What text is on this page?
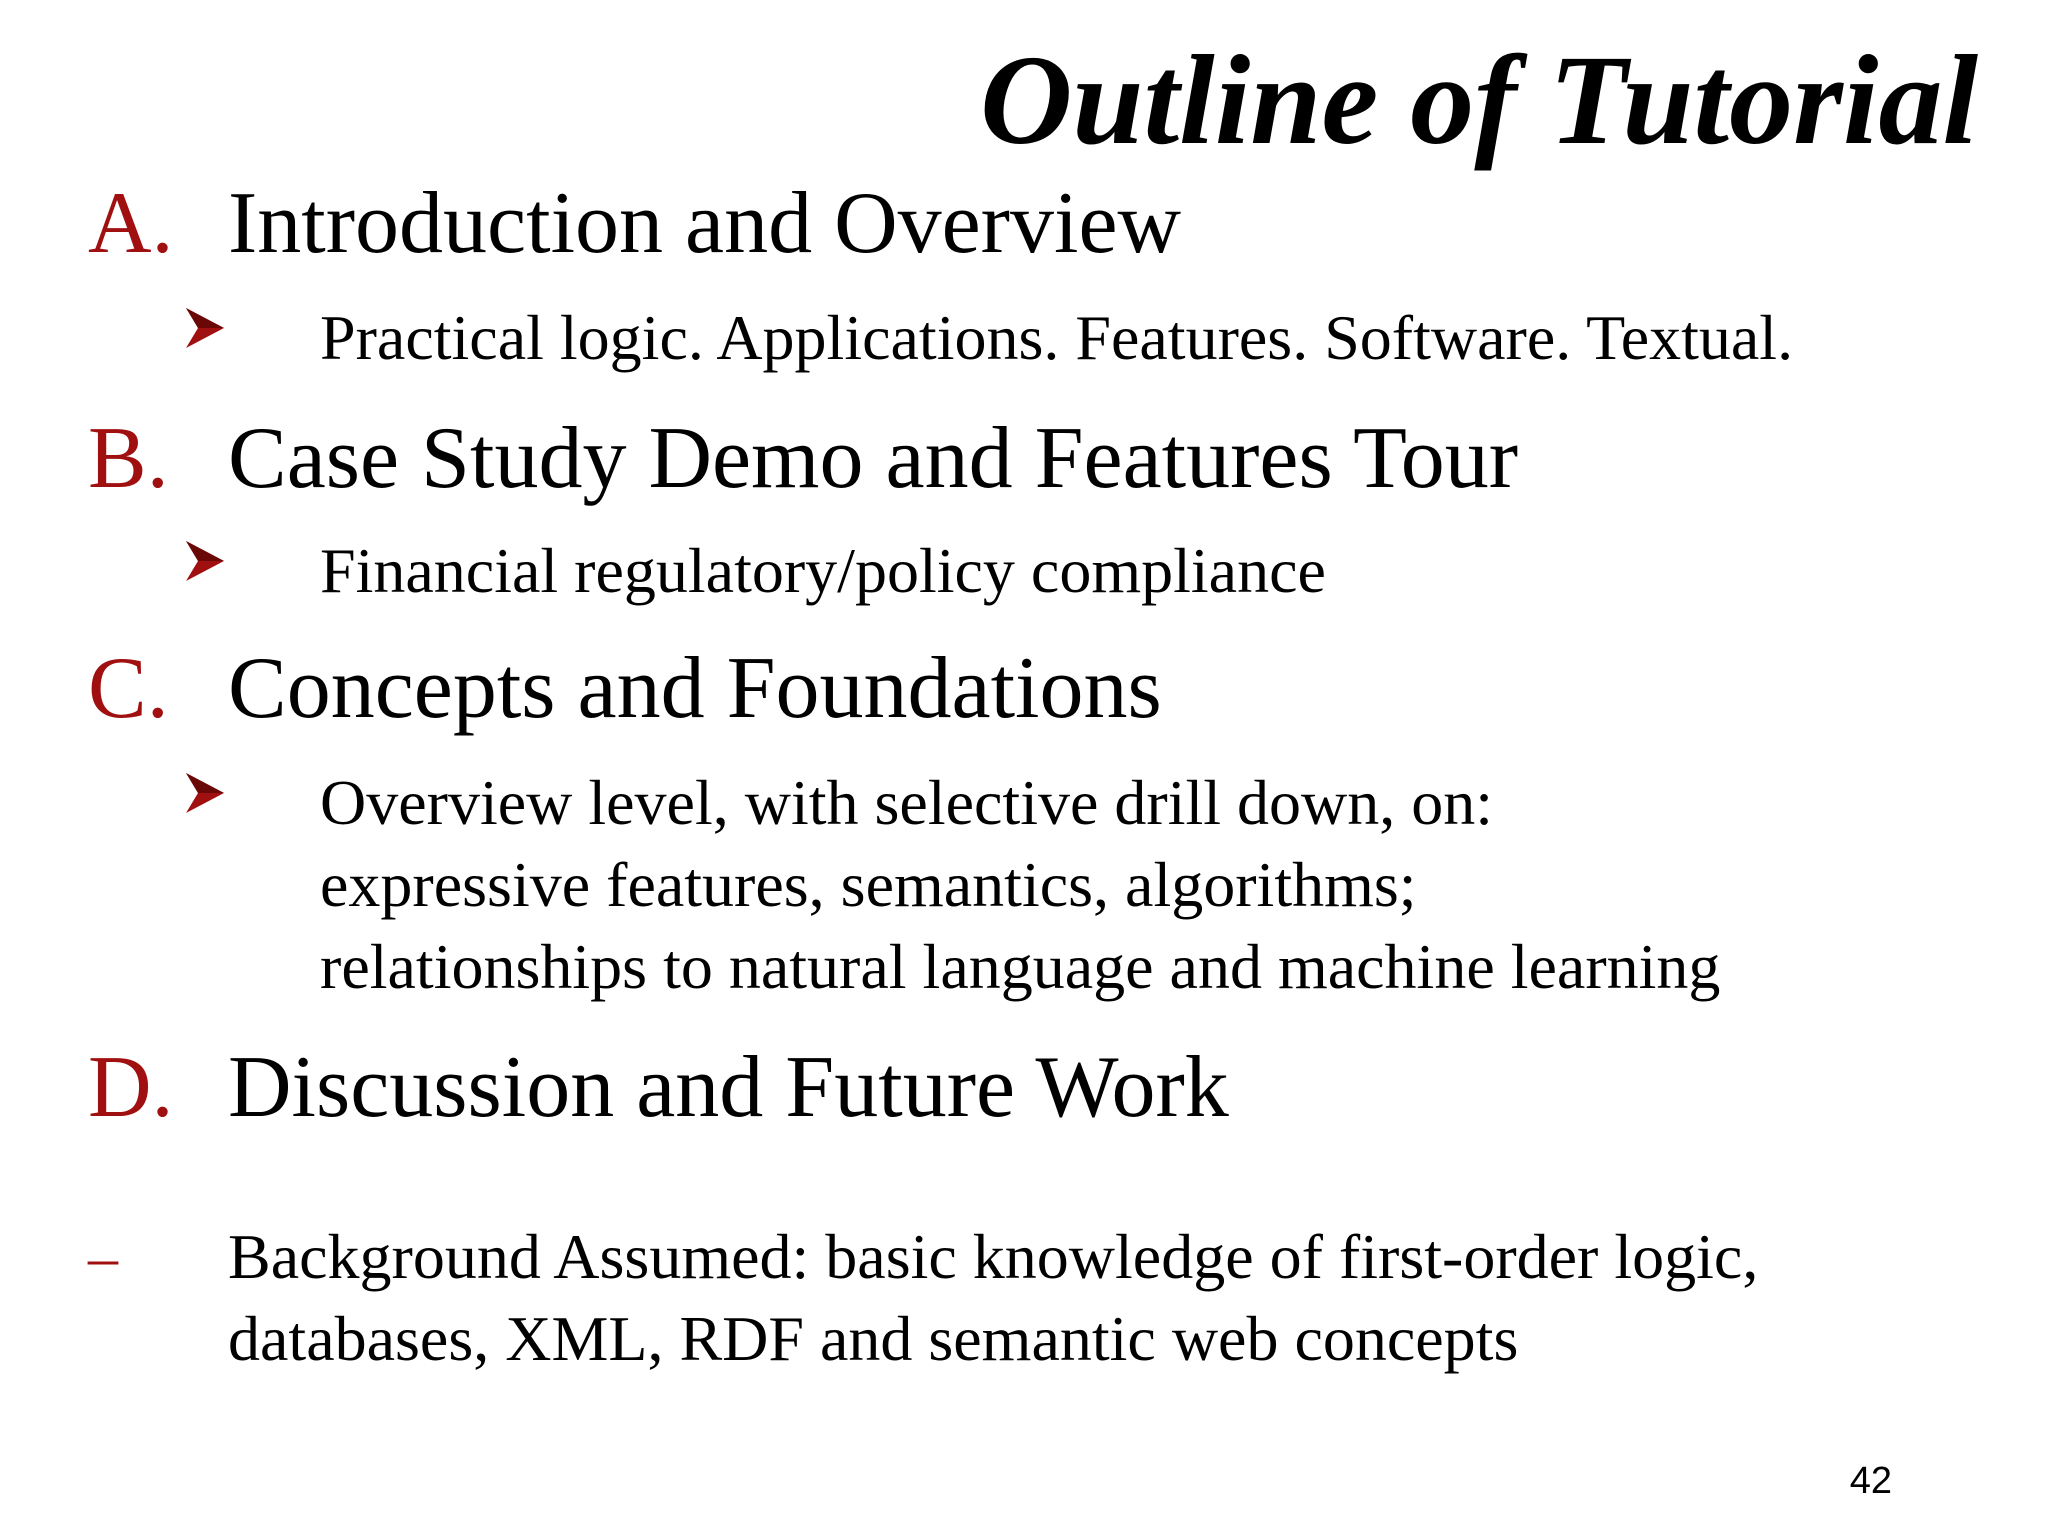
Outline of Tutorial
A. Introduction and Overview
Practical logic. Applications. Features. Software. Textual.
B. Case Study Demo and Features Tour
Financial regulatory/policy compliance
C. Concepts and Foundations
Overview level, with selective drill down, on:
expressive features, semantics, algorithms;
relationships to natural language and machine learning
D. Discussion and Future Work
– Background Assumed: basic knowledge of first-order logic,
databases, XML, RDF and semantic web concepts
42
